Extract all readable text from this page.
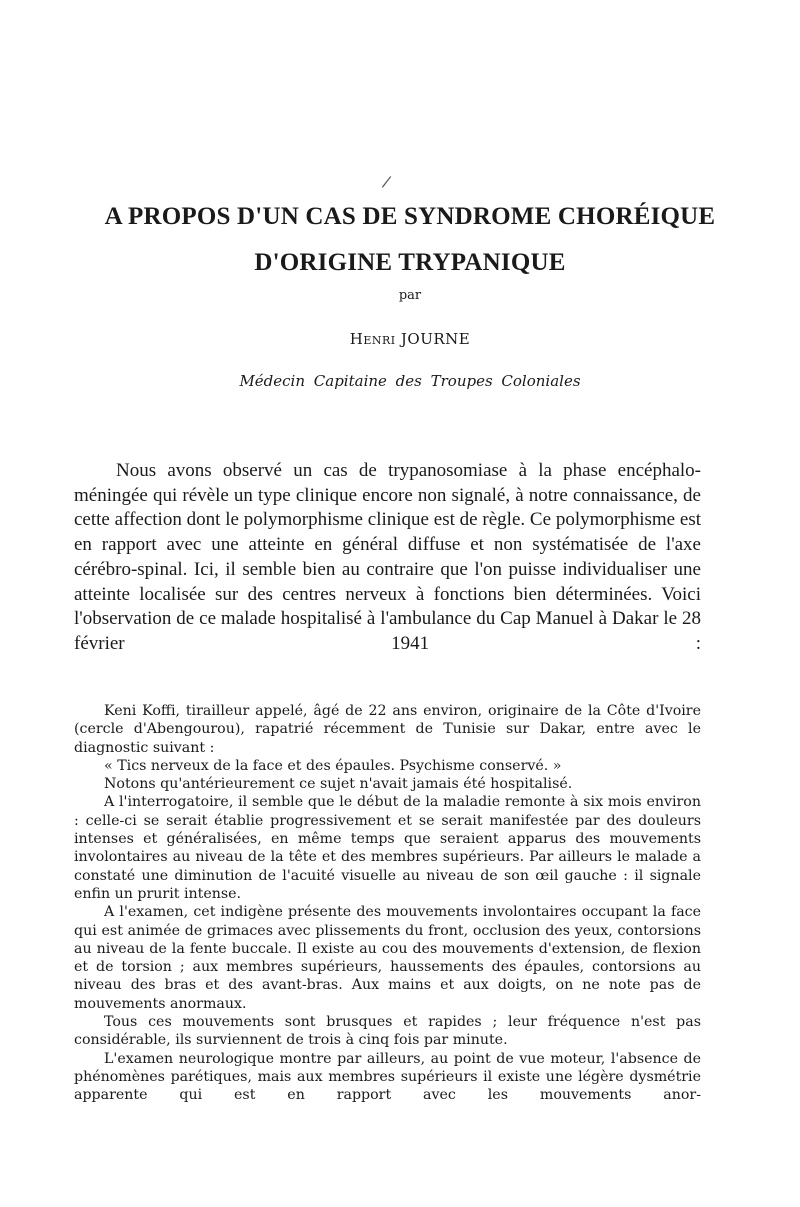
/
A PROPOS D'UN CAS DE SYNDROME CHORÉIQUE
D'ORIGINE TRYPANIQUE
par
Henri JOURNE
Médecin Capitaine des Troupes Coloniales

Nous avons observé un cas de trypanosomiase à la phase encéphalo-méningée qui révèle un type clinique encore non signalé, à notre connaissance, de cette affection dont le polymorphisme clinique est de règle. Ce polymorphisme est en rapport avec une atteinte en général diffuse et non systématisée de l'axe cérébro-spinal. Ici, il semble bien au contraire que l'on puisse individualiser une atteinte localisée sur des centres nerveux à fonctions bien déterminées. Voici l'observation de ce malade hospitalisé à l'ambulance du Cap Manuel à Dakar le 28 février 1941 :

Keni Koffi, tirailleur appelé, âgé de 22 ans environ, originaire de la Côte d'Ivoire (cercle d'Abengourou), rapatrié récemment de Tunisie sur Dakar, entre avec le diagnostic suivant :

« Tics nerveux de la face et des épaules. Psychisme conservé. »

Notons qu'antérieurement ce sujet n'avait jamais été hospitalisé.

A l'interrogatoire, il semble que le début de la maladie remonte à six mois environ : celle-ci se serait établie progressivement et se serait manifestée par des douleurs intenses et généralisées, en même temps que seraient apparus des mouvements involontaires au niveau de la tête et des membres supérieurs. Par ailleurs le malade a constaté une diminution de l'acuité visuelle au niveau de son œil gauche : il signale enfin un prurit intense.

A l'examen, cet indigène présente des mouvements involontaires occupant la face qui est animée de grimaces avec plissements du front, occlusion des yeux, contorsions au niveau de la fente buccale. Il existe au cou des mouvements d'extension, de flexion et de torsion ; aux membres supérieurs, haussements des épaules, contorsions au niveau des bras et des avant-bras. Aux mains et aux doigts, on ne note pas de mouvements anormaux.

Tous ces mouvements sont brusques et rapides ; leur fréquence n'est pas considérable, ils surviennent de trois à cinq fois par minute.

L'examen neurologique montre par ailleurs, au point de vue moteur, l'absence de phénomènes parétiques, mais aux membres supérieurs il existe une légère dysmétrie apparente qui est en rapport avec les mouvements anor-
